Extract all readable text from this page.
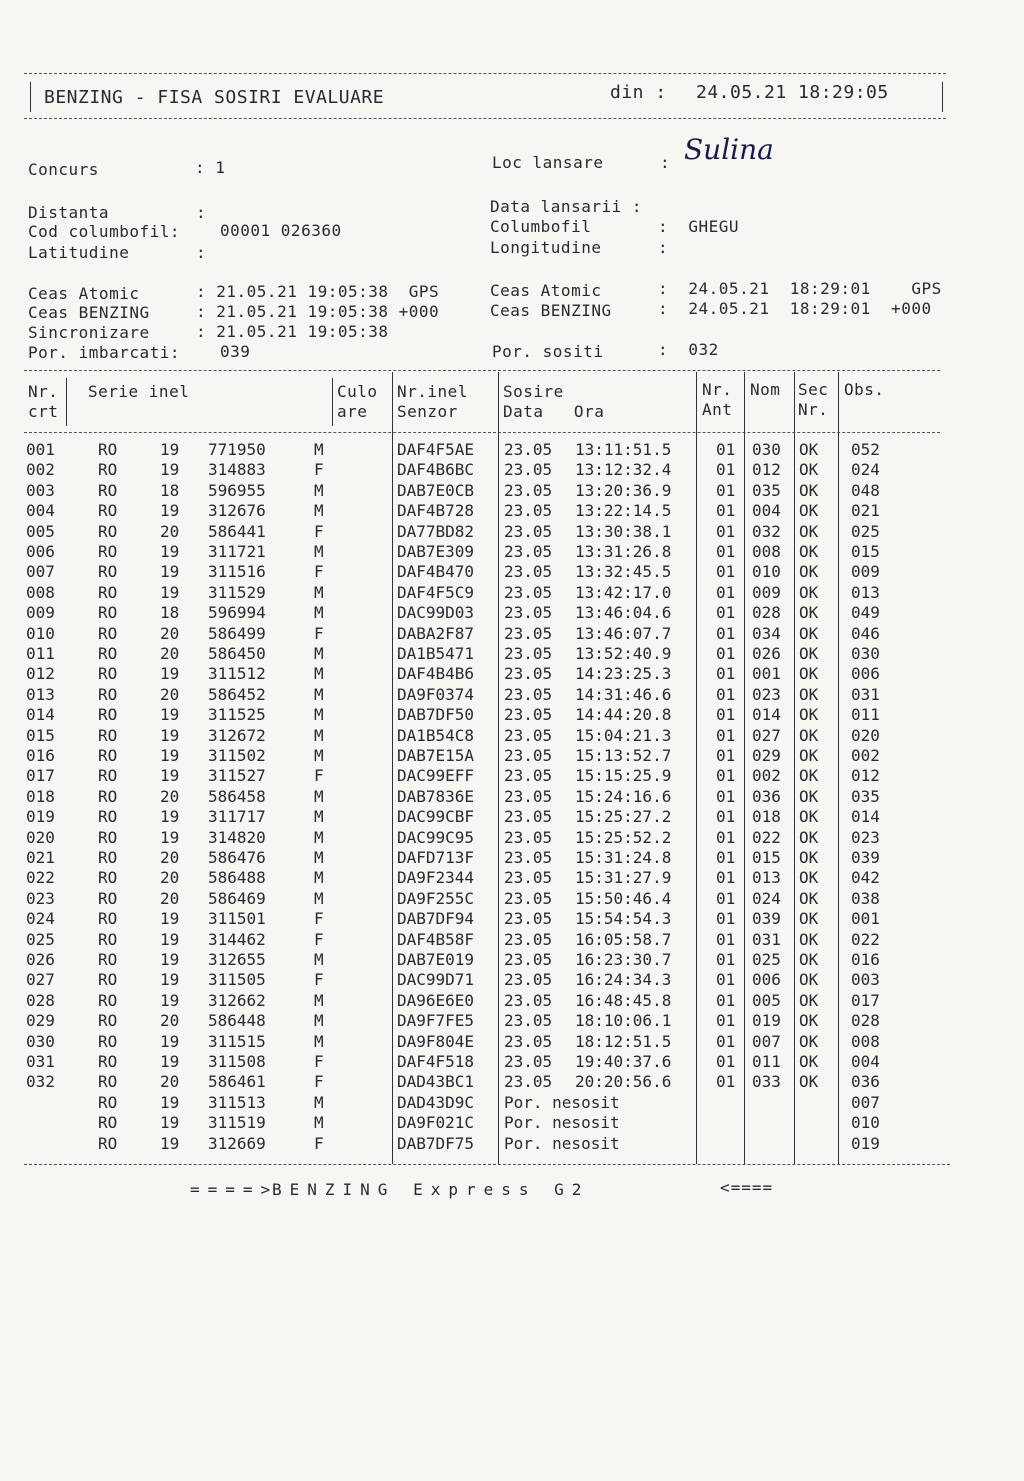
BENZING - FISA SOSIRI EVALUARE	din : 24.05.21 18:29:05
Concurs	: 1	Loc lansare	: Sulina
Distanta	:
Cod columbofil:	00001 026360
Latitudine	:
Data lansarii :
Columbofil	:  GHEGU
Longitudine	:
Ceas Atomic	: 21.05.21 19:05:38  GPS
Ceas BENZING	: 21.05.21 19:05:38 +000
Sincronizare	: 21.05.21 19:05:38
Por. imbarcati:	039
Ceas Atomic	:  24.05.21  18:29:01    GPS
Ceas BENZING	:  24.05.21  18:29:01  +000
Por. sositi	:  032
Nr.
crt
Serie inel	Culo
are
Nr.inel
Senzor
Sosire
Data   Ora
Nr.
Ant
Nom Sec
Nr.
Obs.
001	RO	19 771950	M	DAF4F5AE 23.05 13:11:51.5	01 030 OK 052
002	RO	19 314883	F	DAF4B6BC 23.05 13:12:32.4	01 012 OK 024
003	RO	18 596955	M	DAB7E0CB 23.05 13:20:36.9	01 035 OK 048
004	RO	19 312676	M	DAF4B728 23.05 13:22:14.5	01 004 OK 021
005	RO	20 586441	F	DA77BD82 23.05 13:30:38.1	01 032 OK 025
006	RO	19 311721	M	DAB7E309 23.05 13:31:26.8	01 008 OK 015
007	RO	19 311516	F	DAF4B470 23.05 13:32:45.5	01 010 OK 009
008	RO	19 311529	M	DAF4F5C9 23.05 13:42:17.0	01 009 OK 013
009	RO	18 596994	M	DAC99D03 23.05 13:46:04.6	01 028 OK 049
010	RO	20 586499	F	DABA2F87 23.05 13:46:07.7	01 034 OK 046
011	RO	20 586450	M	DA1B5471 23.05 13:52:40.9	01 026 OK 030
012	RO	19 311512	M	DAF4B4B6 23.05 14:23:25.3	01 001 OK 006
013	RO	20 586452	M	DA9F0374 23.05 14:31:46.6	01 023 OK 031
014	RO	19 311525	M	DAB7DF50 23.05 14:44:20.8	01 014 OK 011
015	RO	19 312672	M	DA1B54C8 23.05 15:04:21.3	01 027 OK 020
016	RO	19 311502	M	DAB7E15A 23.05 15:13:52.7	01 029 OK 002
017	RO	19 311527	F	DAC99EFF 23.05 15:15:25.9	01 002 OK 012
018	RO	20 586458	M	DAB7836E 23.05 15:24:16.6	01 036 OK 035
019	RO	19 311717	M	DAC99CBF 23.05 15:25:27.2	01 018 OK 014
020	RO	19 314820	M	DAC99C95 23.05 15:25:52.2	01 022 OK 023
021	RO	20 586476	M	DAFD713F 23.05 15:31:24.8	01 015 OK 039
022	RO	20 586488	M	DA9F2344 23.05 15:31:27.9	01 013 OK 042
023	RO	20 586469	M	DA9F255C 23.05 15:50:46.4	01 024 OK 038
024	RO	19 311501	F	DAB7DF94 23.05 15:54:54.3	01 039 OK 001
025	RO	19 314462	F	DAF4B58F 23.05 16:05:58.7	01 031 OK 022
026	RO	19 312655	M	DAB7E019 23.05 16:23:30.7	01 025 OK 016
027	RO	19 311505	F	DAC99D71 23.05 16:24:34.3	01 006 OK 003
028	RO	19 312662	M	DA96E6E0 23.05 16:48:45.8	01 005 OK 017
029	RO	20 586448	M	DA9F7FE5 23.05 18:10:06.1	01 019 OK 028
030	RO	19 311515	M	DA9F804E 23.05 18:12:51.5	01 007 OK 008
031	RO	19 311508	F	DAF4F518 23.05 19:40:37.6	01 011 OK 004
032	RO	20 586461	F	DAD43BC1 23.05 20:20:56.6	01 033 OK 036
RO	19 311513	M	DAD43D9C Por. nesosit	007
RO	19 311519	M	DA9F021C Por. nesosit	010
RO	19 312669	F	DAB7DF75 Por. nesosit	019
====>
BENZING Express G2	<====
